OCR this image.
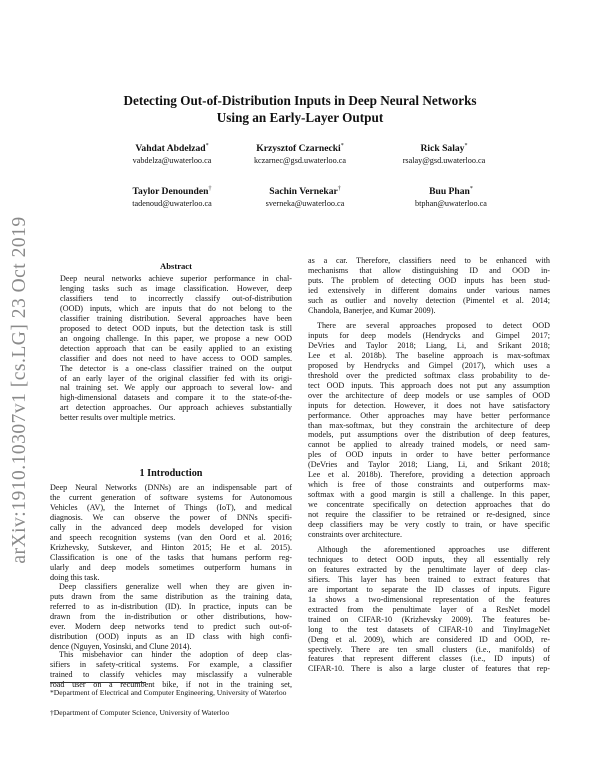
arXiv:1910.10307v1 [cs.LG] 23 Oct 2019
Detecting Out-of-Distribution Inputs in Deep Neural Networks
Using an Early-Layer Output
Vahdat Abdelzad*
vabdelza@uwaterloo.ca
Krzysztof Czarnecki*
kczarnec@gsd.uwaterloo.ca
Rick Salay*
rsalay@gsd.uwaterloo.ca
Taylor Denounden†
tadenoud@uwaterloo.ca
Sachin Vernekar†
sverneka@uwaterloo.ca
Buu Phan*
btphan@uwaterloo.ca
Abstract
Deep neural networks achieve superior performance in chal-
lenging tasks such as image classification. However, deep
classifiers tend to incorrectly classify out-of-distribution
(OOD) inputs, which are inputs that do not belong to the
classifier training distribution. Several approaches have been
proposed to detect OOD inputs, but the detection task is still
an ongoing challenge. In this paper, we propose a new OOD
detection approach that can be easily applied to an existing
classifier and does not need to have access to OOD samples.
The detector is a one-class classifier trained on the output
of an early layer of the original classifier fed with its origi-
nal training set. We apply our approach to several low- and
high-dimensional datasets and compare it to the state-of-the-
art detection approaches. Our approach achieves substantially
better results over multiple metrics.
1 Introduction
Deep Neural Networks (DNNs) are an indispensable part of
the current generation of software systems for Autonomous
Vehicles (AV), the Internet of Things (IoT), and medical
diagnosis. We can observe the power of DNNs specifi-
cally in the advanced deep models developed for vision
and speech recognition systems (van den Oord et al. 2016;
Krizhevsky, Sutskever, and Hinton 2015; He et al. 2015).
Classification is one of the tasks that humans perform reg-
ularly and deep models sometimes outperform humans in
doing this task.
Deep classifiers generalize well when they are given in-
puts drawn from the same distribution as the training data,
referred to as in-distribution (ID). In practice, inputs can be
drawn from the in-distribution or other distributions, how-
ever. Modern deep networks tend to predict such out-of-
distribution (OOD) inputs as an ID class with high confi-
dence (Nguyen, Yosinski, and Clune 2014).
This misbehavior can hinder the adoption of deep clas-
sifiers in safety-critical systems. For example, a classifier
trained to classify vehicles may misclassify a vulnerable
road user on a recumbent bike, if not in the training set,

*Department of Electrical and Computer Engineering, University of Waterloo

†Department of Computer Science, University of Waterloo

as a car. Therefore, classifiers need to be enhanced with
mechanisms that allow distinguishing ID and OOD in-
puts. The problem of detecting OOD inputs has been stud-
ied extensively in different domains under various names
such as outlier and novelty detection (Pimentel et al. 2014;
Chandola, Banerjee, and Kumar 2009).
There are several approaches proposed to detect OOD
inputs for deep models (Hendrycks and Gimpel 2017;
DeVries and Taylor 2018; Liang, Li, and Srikant 2018;
Lee et al. 2018b). The baseline approach is max-softmax
proposed by Hendrycks and Gimpel (2017), which uses a
threshold over the predicted softmax class probability to de-
tect OOD inputs. This approach does not put any assumption
over the architecture of deep models or use samples of OOD
inputs for detection. However, it does not have satisfactory
performance. Other approaches may have better performance
than max-softmax, but they constrain the architecture of deep
models, put assumptions over the distribution of deep features,
cannot be applied to already trained models, or need sam-
ples of OOD inputs in order to have better performance
(DeVries and Taylor 2018; Liang, Li, and Srikant 2018;
Lee et al. 2018b). Therefore, providing a detection approach
which is free of those constraints and outperforms max-
softmax with a good margin is still a challenge. In this paper,
we concentrate specifically on detection approaches that do
not require the classifier to be retrained or re-designed, since
deep classifiers may be very costly to train, or have specific
constraints over architecture.
Although the aforementioned approaches use different
techniques to detect OOD inputs, they all essentially rely
on features extracted by the penultimate layer of deep clas-
sifiers. This layer has been trained to extract features that
are important to separate the ID classes of inputs. Figure
1a shows a two-dimensional representation of the features
extracted from the penultimate layer of a ResNet model
trained on CIFAR-10 (Krizhevsky 2009). The features be-
long to the test datasets of CIFAR-10 and TinyImageNet
(Deng et al. 2009), which are considered ID and OOD, re-
spectively. There are ten small clusters (i.e., manifolds) of
features that represent different classes (i.e., ID inputs) of
CIFAR-10. There is also a large cluster of features that rep-
